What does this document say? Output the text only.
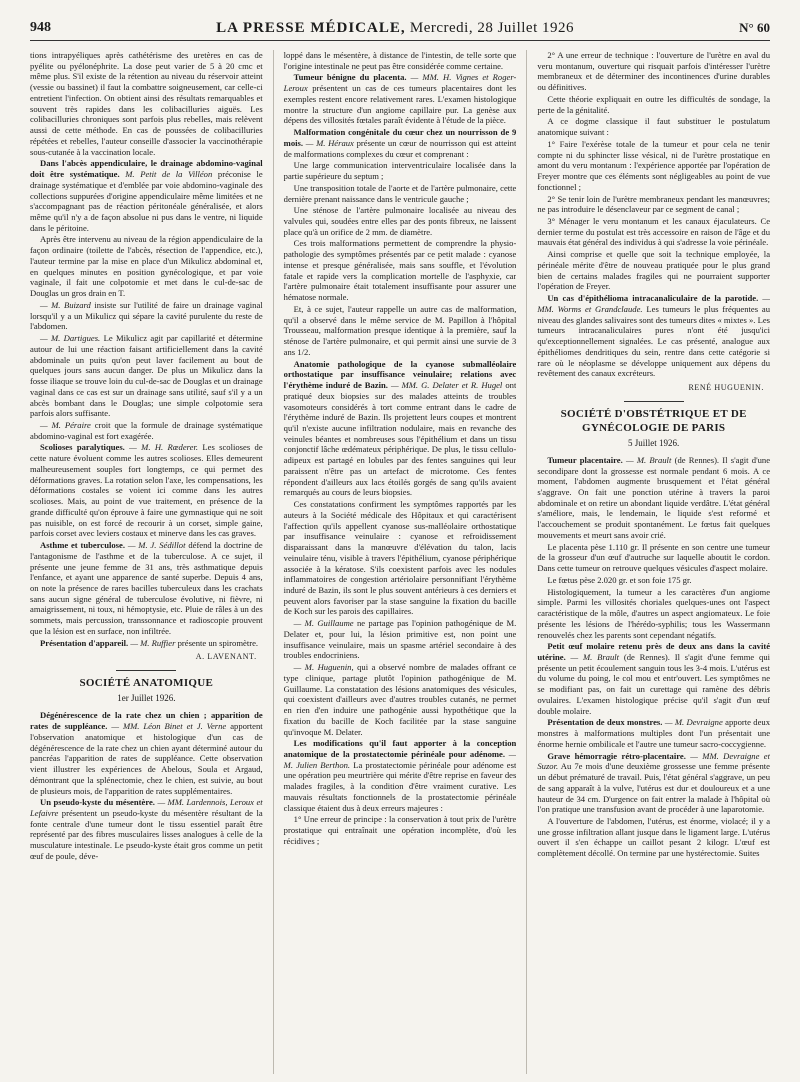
948	LA PRESSE MÉDICALE, Mercredi, 28 Juillet 1926	N° 60

tions intrapyéliques après cathétérisme des uretères en cas de pyélite ou pyélonéphrite. La dose peut varier de 5 à 20 cmc et même plus. S'il existe de la rétention au niveau du réservoir atteint (vessie ou bassinet) il faut la combattre soigneusement, car celle-ci entretient l'infection. On obtient ainsi des résultats remarquables et souvent très rapides dans les colibacilluries aiguës. Les colibacilluries chroniques sont parfois plus rebelles, mais relèvent aussi de cette méthode. En cas de poussées de colibacilluries répétées et rebelles, l'auteur conseille d'associer la vaccinothérapie sous-cutanée à la vaccination locale.

Dans l'abcès appendiculaire, le drainage abdomino-vaginal doit être systématique. M. Petit de la Villéon préconise le drainage systématique et d'emblée par voie abdomino-vaginale des collections suppurées d'origine appendiculaire même limitées et ne s'accompagnant pas de réaction péritonéale généralisée, et alors même qu'il n'y a de façon absolue ni pus dans le ventre, ni liquide dans le péritoine.

Après être intervenu au niveau de la région appendiculaire de la façon ordinaire (toilette de l'abcès, résection de l'appendice, etc.), l'auteur termine par la mise en place d'un Mikulicz abdominal et, en quelques minutes en position gynécologique, et par voie vaginale, il fait une colpotomie et met dans le cul-de-sac de Douglas un gros drain en T.

— M. Buizard insiste sur l'utilité de faire un drainage vaginal lorsqu'il y a un Mikulicz qui sépare la cavité purulente du reste de l'abdomen.

— M. Dartigues. Le Mikulicz agit par capillarité et détermine autour de lui une réaction faisant artificiellement dans la cavité abdominale un puits qu'on peut laver facilement au bout de quelques jours sans aucun danger. De plus un Mikulicz dans la fosse iliaque se trouve loin du cul-de-sac de Douglas et un drainage vaginal dans ce cas est sur un drainage sans utilité, sauf s'il y a un abcès bombant dans le Douglas; une simple colpotomie sera parfois alors suffisante.

— M. Péraire croit que la formule de drainage systématique abdomino-vaginal est fort exagérée.

Scolioses paralytiques. — M. H. Rœderer. Les scolioses de cette nature évoluent comme les autres scolioses. Elles demeurent malheureusement souples fort longtemps, ce qui permet des déformations graves. La rotation selon l'axe, les compensations, les déformations costales se voient ici comme dans les autres scolioses. Mais, au point de vue traitement, en présence de la grande difficulté qu'on éprouve à faire une gymnastique qui ne soit pas nuisible, on est forcé de recourir à un corset, simple gaine, parfois corset avec leviers costaux et minerve dans les cas graves.

Asthme et tuberculose. — M. J. Sédillot défend la doctrine de l'antagonisme de l'asthme et de la tuberculose. A ce sujet, il présente une jeune femme de 31 ans, très asthmatique depuis l'enfance, et ayant une apparence de santé superbe. Depuis 4 ans, on note la présence de rares bacilles tuberculeux dans les crachats sans aucun signe général de tuberculose évolutive, ni fièvre, ni amaigrissement, ni toux, ni hémoptysie, etc. Pluie de râles à un des sommets, mais percussion, transsonnance et radioscopie prouvent que la lésion est en surface, non infiltrée.

Présentation d'appareil. — M. Ruffier présente un spiromètre.

A. LAVENANT.
SOCIÉTÉ ANATOMIQUE
1er Juillet 1926.

Dégénérescence de la rate chez un chien ; apparition de rates de suppléance. — MM. Léon Binet et J. Verne apportent l'observation anatomique et histologique d'un cas de dégénérescence de la rate chez un chien ayant déterminé autour du pancréas l'apparition de rates de suppléance. Cette observation vient illustrer les expériences de Abelous, Soula et Argaud, démontrant que la splénectomie, chez le chien, est suivie, au bout de plusieurs mois, de l'apparition de rates supplémentaires.

Un pseudo-kyste du mésentère. — MM. Lardennois, Leroux et Lefaivre présentent un pseudo-kyste du mésentère résultant de la fonte centrale d'une tumeur dont le tissu essentiel paraît être représenté par des fibres musculaires lisses analogues à celle de la musculature intestinale. Le pseudo-kyste était gros comme un petit œuf de poule, déve-

loppé dans le mésentère, à distance de l'intestin, de telle sorte que l'origine intestinale ne peut pas être considérée comme certaine.

Tumeur bénigne du placenta. — MM. H. Vignes et Roger-Leroux présentent un cas de ces tumeurs placentaires dont les exemples restent encore relativement rares. L'examen histologique montre la structure d'un angiome capillaire pur. La genèse aux dépens des villosités fœtales paraît évidente à l'étude de la pièce.

Malformation congénitale du cœur chez un nourrisson de 9 mois. — M. Héraux présente un cœur de nourrisson qui est atteint de malformations complexes du cœur et comprenant :

Une large communication interventriculaire localisée dans la partie supérieure du septum ;

Une transposition totale de l'aorte et de l'artère pulmonaire, cette dernière prenant naissance dans le ventricule gauche ;

Une sténose de l'artère pulmonaire localisée au niveau des valvules qui, soudées entre elles par des ponts fibreux, ne laissent place qu'à un orifice de 2 mm. de diamètre.

Ces trois malformations permettent de comprendre la physio-pathologie des symptômes présentés par ce petit malade : cyanose intense et presque généralisée, mais sans souffle, et l'évolution fatale et rapide vers la complication mortelle de l'asphyxie, car l'artère pulmonaire était totalement insuffisante pour assurer une hématose normale.

Et, à ce sujet, l'auteur rappelle un autre cas de malformation, qu'il a observé dans le même service de M. Papillon à l'hôpital Trousseau, malformation presque identique à la première, sauf la sténose de l'artère pulmonaire, et qui permit ainsi une survie de 3 ans 1/2.

Anatomie pathologique de la cyanose submalléolaire orthostatique par insuffisance veinulaire; relations avec l'érythème induré de Bazin. — MM. G. Delater et R. Hugel ont pratiqué deux biopsies sur des malades atteints de troubles vasomoteurs considérés à tort comme entrant dans le cadre de l'érythème induré de Bazin. Ils projettent leurs coupes et montrent qu'il n'existe aucune infiltration nodulaire, mais en revanche des veinules béantes et nombreuses sous l'épithélium et dans un tissu conjonctif lâche œdémateux périphérique. De plus, le tissu cellulo-adipeux est partagé en lobules par des fentes sanguines qui leur paraissent n'être pas un artefact de microtome. Ces fentes répondent d'ailleurs aux lacs étoilés gorgés de sang qu'ils avaient remarqués au cours de leurs biopsies.

Ces constatations confirment les symptômes rapportés par les auteurs à la Société médicale des Hôpitaux et qui caractérisent l'affection qu'ils appellent cyanose sus-malléolaire orthostatique par insuffisance veinulaire : cyanose et refroidissement disparaissant dans la manœuvre d'élévation du talon, lacis veinulaire ténu, visible à travers l'épithélium, cyanose périphérique associée à la kératose. S'ils coexistent parfois avec les nodules inflammatoires de congestion artériolaire personnifiant l'érythème induré de Bazin, ils sont le plus souvent antérieurs à ces derniers et peuvent alors favoriser par la stase sanguine la fixation du bacille de Koch sur les parois des capillaires.

— M. Guillaume ne partage pas l'opinion pathogénique de M. Delater et, pour lui, la lésion primitive est, non point une insuffisance veinulaire, mais un spasme artériel secondaire à des troubles endocriniens.

— M. Huguenin, qui a observé nombre de malades offrant ce type clinique, partage plutôt l'opinion pathogénique de M. Guillaume. La constatation des lésions anatomiques des vésicules, qui coexistent d'ailleurs avec d'autres troubles cutanés, ne permet en rien d'en induire une pathogénie aussi hypothétique que la fixation du bacille de Koch facilitée par la stase sanguine qu'invoque M. Delater.

Les modifications qu'il faut apporter à la conception anatomique de la prostatectomie périnéale pour adénome. — M. Julien Berthon. La prostatectomie périnéale pour adénome est une opération peu meurtrière qui mérite d'être reprise en faveur des malades fragiles, à la condition d'être vraiment curative. Les mauvais résultats fonctionnels de la prostatectomie périnéale classique étaient dus à deux erreurs majeures :

1° Une erreur de principe : la conservation à tout prix de l'urètre prostatique qui entraînait une opération incomplète, d'où les récidives ;

2° A une erreur de technique : l'ouverture de l'urètre en aval du veru montanum, ouverture qui risquait parfois d'intéresser l'urètre membraneux et de déterminer des incontinences d'urine durables ou définitives.

Cette théorie expliquait en outre les difficultés de sondage, la perte de la génitalité.

A ce dogme classique il faut substituer le postulatum anatomique suivant :

1° Faire l'exérèse totale de la tumeur et pour cela ne tenir compte ni du sphincter lisse vésical, ni de l'urètre prostatique en amont du veru montanum : l'expérience apportée par l'opération de Freyer montre que ces éléments sont négligeables au point de vue fonctionnel ;

2° Se tenir loin de l'urètre membraneux pendant les manœuvres; ne pas introduire le désenclaveur par ce segment de canal ;

3° Ménager le veru montanum et les canaux éjaculateurs. Ce dernier terme du postulat est très accessoire en raison de l'âge et du mauvais état général des individus à qui s'adresse la voie périnéale.

Ainsi comprise et quelle que soit la technique employée, la périnéale mérite d'être de nouveau pratiquée pour le plus grand bien de certains malades fragiles qui ne pourraient supporter l'opération de Freyer.

Un cas d'épithélioma intracanaliculaire de la parotide. — MM. Worms et Grandclaude. Les tumeurs le plus fréquentes au niveau des glandes salivaires sont des tumeurs dites « mixtes ». Les tumeurs intracanaliculaires pures n'ont été jusqu'ici qu'exceptionnellement signalées. Le cas présenté, analogue aux épithéliomes dendritiques du sein, rentre dans cette catégorie si rare où le néoplasme se développe uniquement aux dépens du revêtement des canaux excréteurs.

RENÉ HUGUENIN.
SOCIÉTÉ D'OBSTÉTRIQUE ET DE GYNÉCOLOGIE DE PARIS
5 Juillet 1926.

Tumeur placentaire. — M. Brault (de Rennes). Il s'agit d'une secondipare dont la grossesse est normale pendant 6 mois. A ce moment, l'abdomen augmente brusquement et l'état général s'aggrave. On fait une ponction utérine à travers la paroi abdominale et on retire un abondant liquide verdâtre. L'état général s'améliore, mais, le lendemain, le liquide s'est reformé et l'accouchement se produit spontanément. Le fœtus fait quelques mouvements et meurt sans avoir crié.

Le placenta pèse 1.110 gr. Il présente en son centre une tumeur de la grosseur d'un œuf d'autruche sur laquelle aboutit le cordon. Dans cette tumeur on retrouve quelques vésicules d'aspect molaire.

Le fœtus pèse 2.020 gr. et son foie 175 gr.

Histologiquement, la tumeur a les caractères d'un angiome simple. Parmi les villosités choriales quelques-unes ont l'aspect caractéristique de la môle, d'autres un aspect angiomateux. Le foie présente les lésions de l'hérédo-syphilis; tous les Wassermann renouvelés chez les parents sont cependant négatifs.

Petit œuf molaire retenu près de deux ans dans la cavité utérine. — M. Brault (de Rennes). Il s'agit d'une femme qui présente un petit écoulement sanguin tous les 3-4 mois. L'utérus est du volume du poing, le col mou et entr'ouvert. Les symptômes ne se modifiant pas, on fait un curettage qui ramène des débris ovulaires. L'examen histologique précise qu'il s'agit d'un œuf double molaire.

Présentation de deux monstres. — M. Devraigne apporte deux monstres à malformations multiples dont l'un présentait une énorme hernie ombilicale et l'autre une tumeur sacro-coccygienne.

Grave hémorragie rétro-placentaire. — MM. Devraigne et Suzor. Au 7e mois d'une deuxième grossesse une femme présente un début prématuré de travail. Puis, l'état général s'aggrave, un peu de sang apparaît à la vulve, l'utérus est dur et douloureux et a une hauteur de 34 cm. D'urgence on fait entrer la malade à l'hôpital où l'on pratique une transfusion avant de procéder à une laparotomie.

A l'ouverture de l'abdomen, l'utérus, est énorme, violacé; il y a une grosse infiltration allant jusque dans le ligament large. L'utérus ouvert il s'en échappe un caillot pesant 2 kilogr. L'œuf est complètement décollé. On termine par une hystérectomie. Suites
